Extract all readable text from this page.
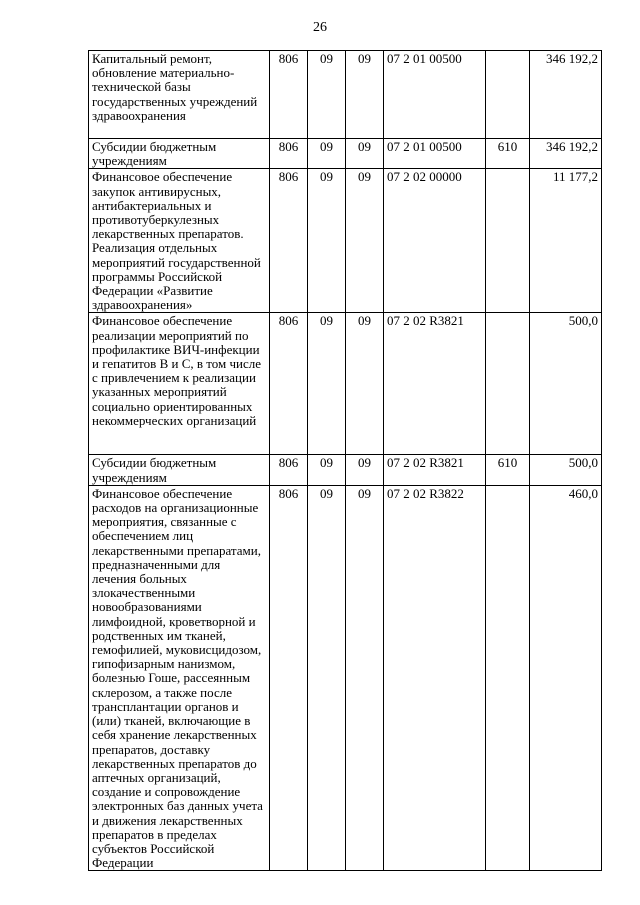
26
Капитальный ремонт, обновление материально-технической базы государственных учреждений здравоохранения	806	09	09	07 2 01 00500		346 192,2
Субсидии бюджетным учреждениям	806	09	09	07 2 01 00500	610	346 192,2
Финансовое обеспечение закупок антивирусных, антибактериальных и противотуберкулезных лекарственных препаратов. Реализация отдельных мероприятий государственной программы Российской Федерации «Развитие здравоохранения»	806	09	09	07 2 02 00000		11 177,2
Финансовое обеспечение реализации мероприятий по профилактике ВИЧ-инфекции и гепатитов В и С, в том числе с привлечением к реализации указанных мероприятий социально ориентированных некоммерческих организаций	806	09	09	07 2 02 R3821		500,0
Субсидии бюджетным учреждениям	806	09	09	07 2 02 R3821	610	500,0
Финансовое обеспечение расходов на организационные мероприятия, связанные с обеспечением лиц лекарственными препаратами, предназначенными для лечения больных злокачественными новообразованиями лимфоидной, кроветворной и родственных им тканей, гемофилией, муковисцидозом, гипофизарным нанизмом, болезнью Гоше, рассеянным склерозом, а также после трансплантации органов и (или) тканей, включающие в себя хранение лекарственных препаратов, доставку лекарственных препаратов до аптечных организаций, создание и сопровождение электронных баз данных учета и движения лекарственных препаратов в пределах субъектов Российской Федерации	806	09	09	07 2 02 R3822		460,0
